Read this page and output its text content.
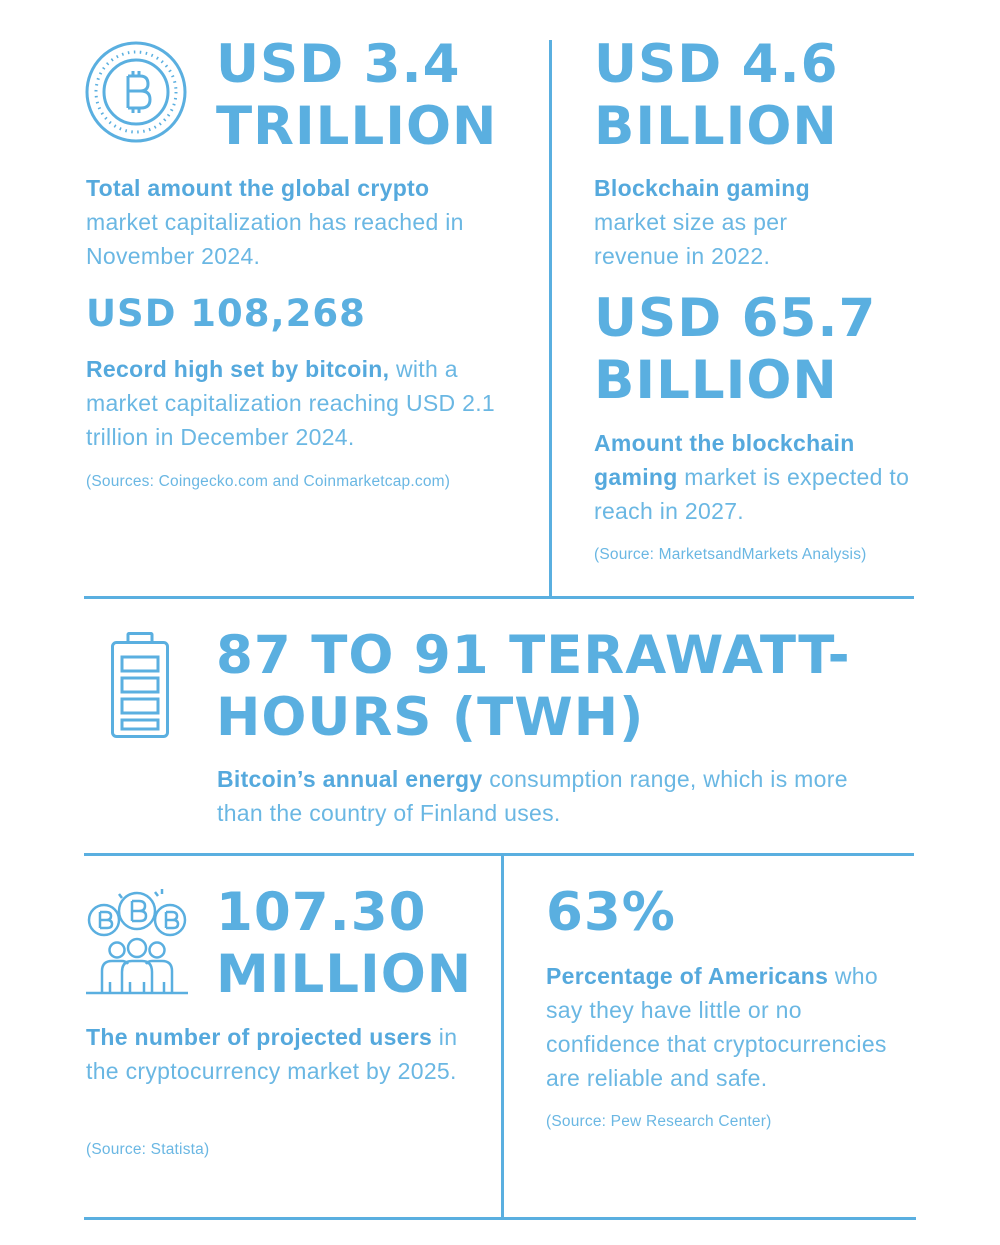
USD 3.4
TRILLION
Total amount the global crypto market capitalization has reached in November 2024.
USD 108,268
Record high set by bitcoin, with a market capitalization reaching USD 2.1 trillion in December 2024.
(Sources: Coingecko.com and Coinmarketcap.com)
USD 4.6
BILLION
Blockchain gaming market size as per revenue in 2022.
USD 65.7
BILLION
Amount the blockchain gaming market is expected to reach in 2027.
(Source: MarketsandMarkets Analysis)
87 TO 91 TERAWATT-
HOURS (TWH)
Bitcoin’s annual energy consumption range, which is more than the country of Finland uses.
107.30
MILLION
The number of projected users in the cryptocurrency market by 2025.
(Source: Statista)
63%
Percentage of Americans who say they have little or no confidence that cryptocurrencies are reliable and safe.
(Source: Pew Research Center)
